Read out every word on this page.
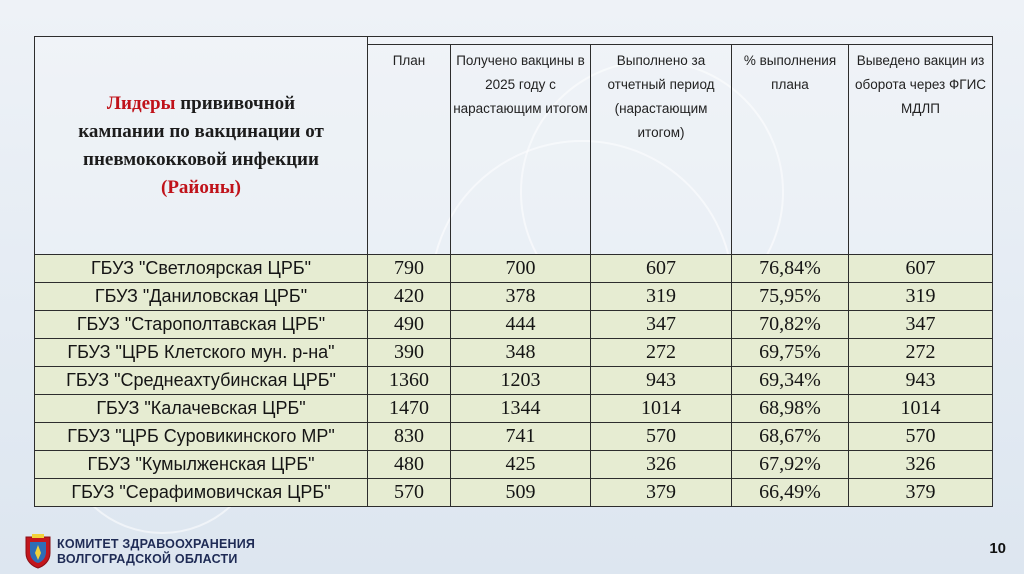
Лидеры прививочной
кампании по вакцинации от
пневмококковой инфекции
(Районы)					
	План	Получено вакцины в 2025 году с нарастающим итогом	Выполнено за отчетный период (нарастающим итогом)	% выполнения плана	Выведено вакцин из оборота через ФГИС МДЛП
ГБУЗ "Светлоярская ЦРБ"	790	700	607	76,84%	607
ГБУЗ "Даниловская ЦРБ"	420	378	319	75,95%	319
ГБУЗ "Старополтавская ЦРБ"	490	444	347	70,82%	347
ГБУЗ "ЦРБ Клетского мун. р-на"	390	348	272	69,75%	272
ГБУЗ "Среднеахтубинская ЦРБ"	1360	1203	943	69,34%	943
ГБУЗ "Калачевская ЦРБ"	1470	1344	1014	68,98%	1014
ГБУЗ "ЦРБ Суровикинского МР"	830	741	570	68,67%	570
ГБУЗ "Кумылженская ЦРБ"	480	425	326	67,92%	326
ГБУЗ "Серафимовичская ЦРБ"	570	509	379	66,49%	379
КОМИТЕТ ЗДРАВООХРАНЕНИЯ
ВОЛГОГРАДСКОЙ ОБЛАСТИ
10
